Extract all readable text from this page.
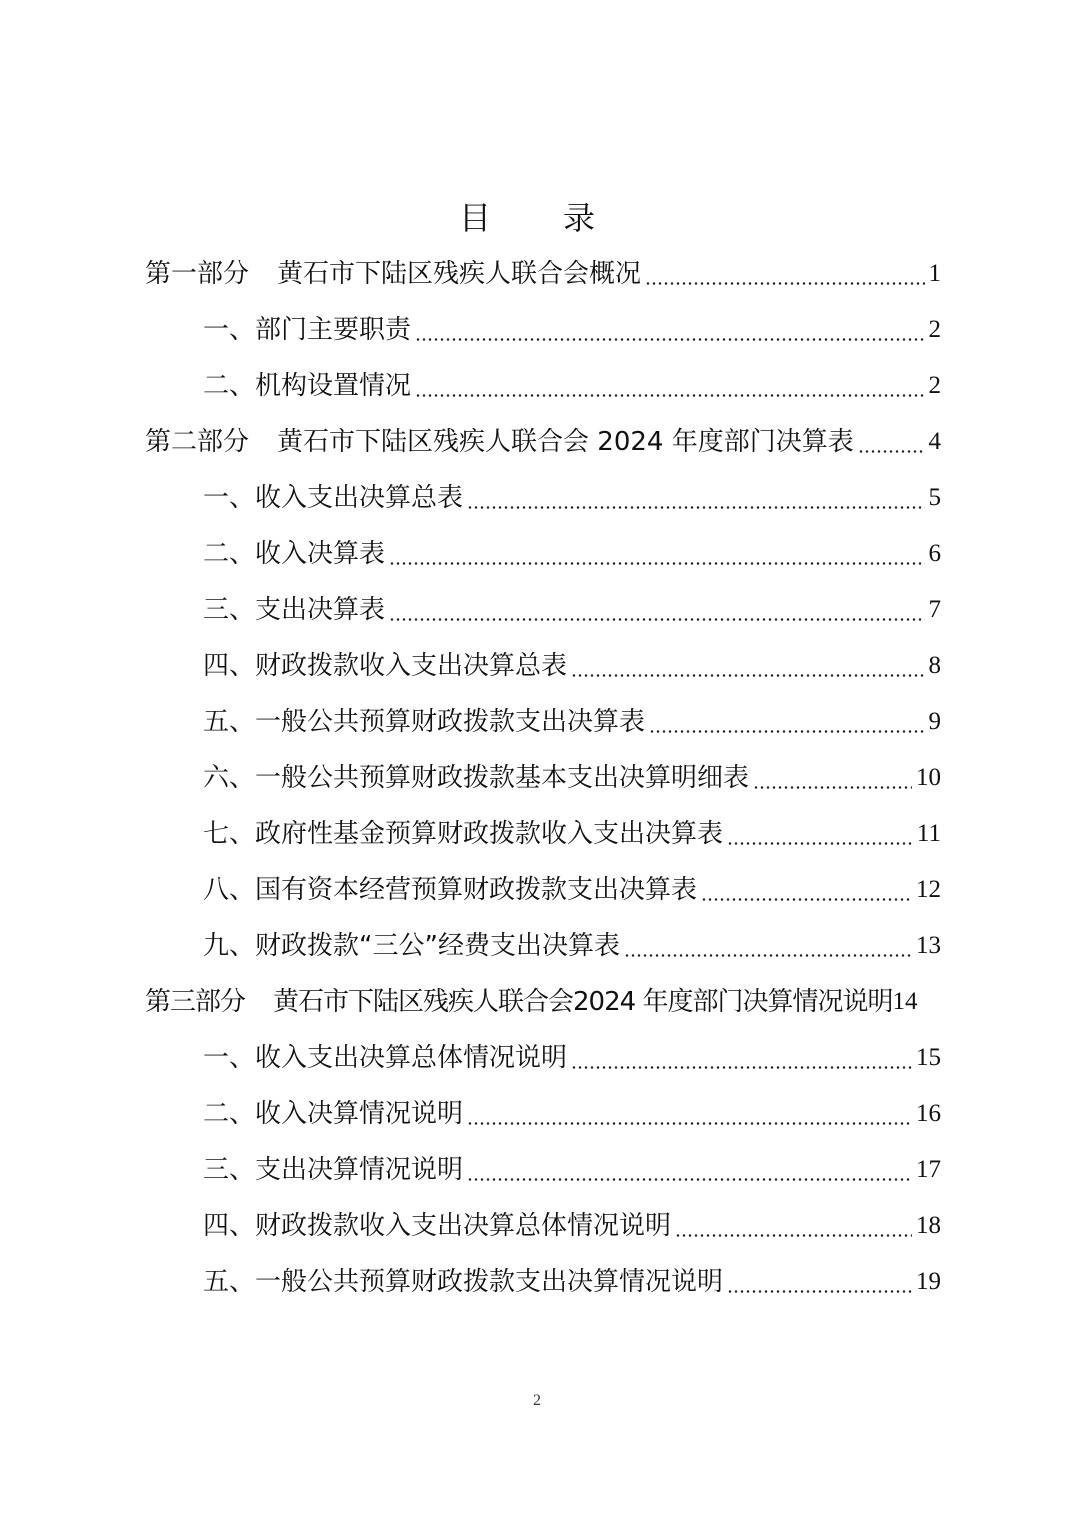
目　录
第一部分 黄石市下陆区残疾人联合会概况	1
一、部门主要职责	2
二、机构设置情况	2
第二部分 黄石市下陆区残疾人联合会 2024 年度部门决算表	4
一、收入支出决算总表	5
二、收入决算表	6
三、支出决算表	7
四、财政拨款收入支出决算总表	8
五、一般公共预算财政拨款支出决算表	9
六、一般公共预算财政拨款基本支出决算明细表	10
七、政府性基金预算财政拨款收入支出决算表	11
八、国有资本经营预算财政拨款支出决算表	12
九、财政拨款“三公”经费支出决算表	13
第三部分 黄石市下陆区残疾人联合会2024 年度部门决算情况说明 14
一、收入支出决算总体情况说明	15
二、收入决算情况说明	16
三、支出决算情况说明	17
四、财政拨款收入支出决算总体情况说明	18
五、一般公共预算财政拨款支出决算情况说明	19
2
